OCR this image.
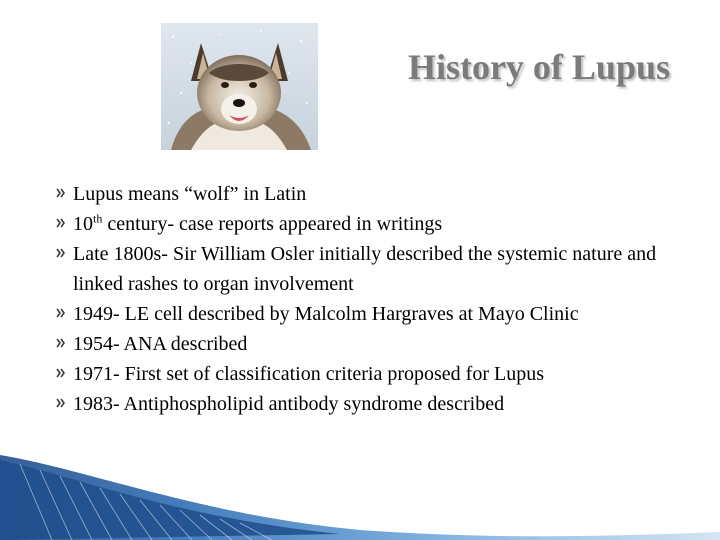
History of Lupus
Lupus means “wolf” in Latin
10th century- case reports appeared in writings
Late 1800s- Sir William Osler initially described the systemic nature and linked rashes to organ involvement
1949- LE cell described by Malcolm Hargraves at Mayo Clinic
1954- ANA described
1971- First set of classification criteria proposed for Lupus
1983- Antiphospholipid antibody syndrome described
